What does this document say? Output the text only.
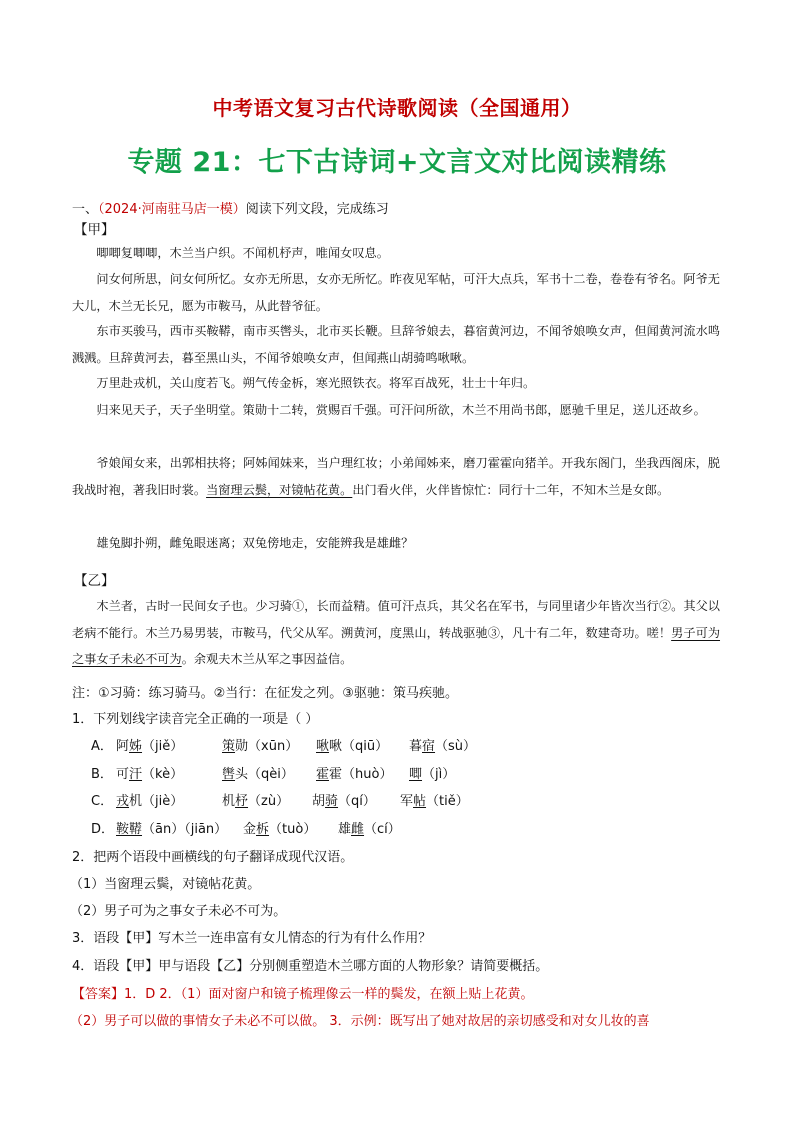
中考语文复习古代诗歌阅读（全国通用）
专题 21：七下古诗词+文言文对比阅读精练
一、（2024·河南驻马店一模）阅读下列文段，完成练习
【甲】
唧唧复唧唧，木兰当户织。不闻机杼声，唯闻女叹息。
问女何所思，问女何所忆。女亦无所思，女亦无所忆。昨夜见军帖，可汗大点兵，军书十二卷，卷卷有爷名。阿爷无大儿，木兰无长兄，愿为市鞍马，从此替爷征。
东市买骏马，西市买鞍鞯，南市买辔头，北市买长鞭。旦辞爷娘去，暮宿黄河边，不闻爷娘唤女声，但闻黄河流水鸣溅溅。旦辞黄河去，暮至黑山头，不闻爷娘唤女声，但闻燕山胡骑鸣啾啾。
万里赴戎机，关山度若飞。朔气传金柝，寒光照铁衣。将军百战死，壮士十年归。
归来见天子，天子坐明堂。策勋十二转，赏赐百千强。可汗问所欲，木兰不用尚书郎，愿驰千里足，送儿还故乡。
爷娘闻女来，出郭相扶将；阿姊闻妹来，当户理红妆；小弟闻姊来，磨刀霍霍向猪羊。开我东阁门，坐我西阁床，脱我战时袍，著我旧时裳。当窗理云鬓，对镜帖花黄。出门看火伴，火伴皆惊忙：同行十二年，不知木兰是女郎。
雄兔脚扑朔，雌兔眼迷离；双兔傍地走，安能辨我是雄雌？
【乙】
木兰者，古时一民间女子也。少习骑①，长而益精。值可汗点兵，其父名在军书，与同里诸少年皆次当行②。其父以老病不能行。木兰乃易男装，市鞍马，代父从军。溯黄河，度黑山，转战驱驰③，凡十有二年，数建奇功。嗟！男子可为之事女子未必不可为。余观夫木兰从军之事因益信。
注：①习骑：练习骑马。②当行：在征发之列。③驱驰：策马疾驰。
1．下列划线字读音完全正确的一项是（ ）
A． 阿姊（jiě）	策勋（xūn） 啾啾（qiū） 暮宿（sù）
B． 可汗（kè）	辔头（qèi） 霍霍（huò） 唧（jì）
C． 戎机（jiè）	机杼（zù） 胡骑（qí） 军帖（tiě）
D． 鞍鞯（ān）（jiān） 金柝（tuò） 雄雌（cí）
2．把两个语段中画横线的句子翻译成现代汉语。
（1）当窗理云鬓，对镜帖花黄。
（2）男子可为之事女子未必不可为。
3．语段【甲】写木兰一连串富有女儿情态的行为有什么作用？
4．语段【甲】甲与语段【乙】分别侧重塑造木兰哪方面的人物形象？请简要概括。
【答案】1．D 2．（1）面对窗户和镜子梳理像云一样的鬓发，在额上贴上花黄。
（2）男子可以做的事情女子未必不可以做。 3．示例：既写出了她对故居的亲切感受和对女儿妆的喜
